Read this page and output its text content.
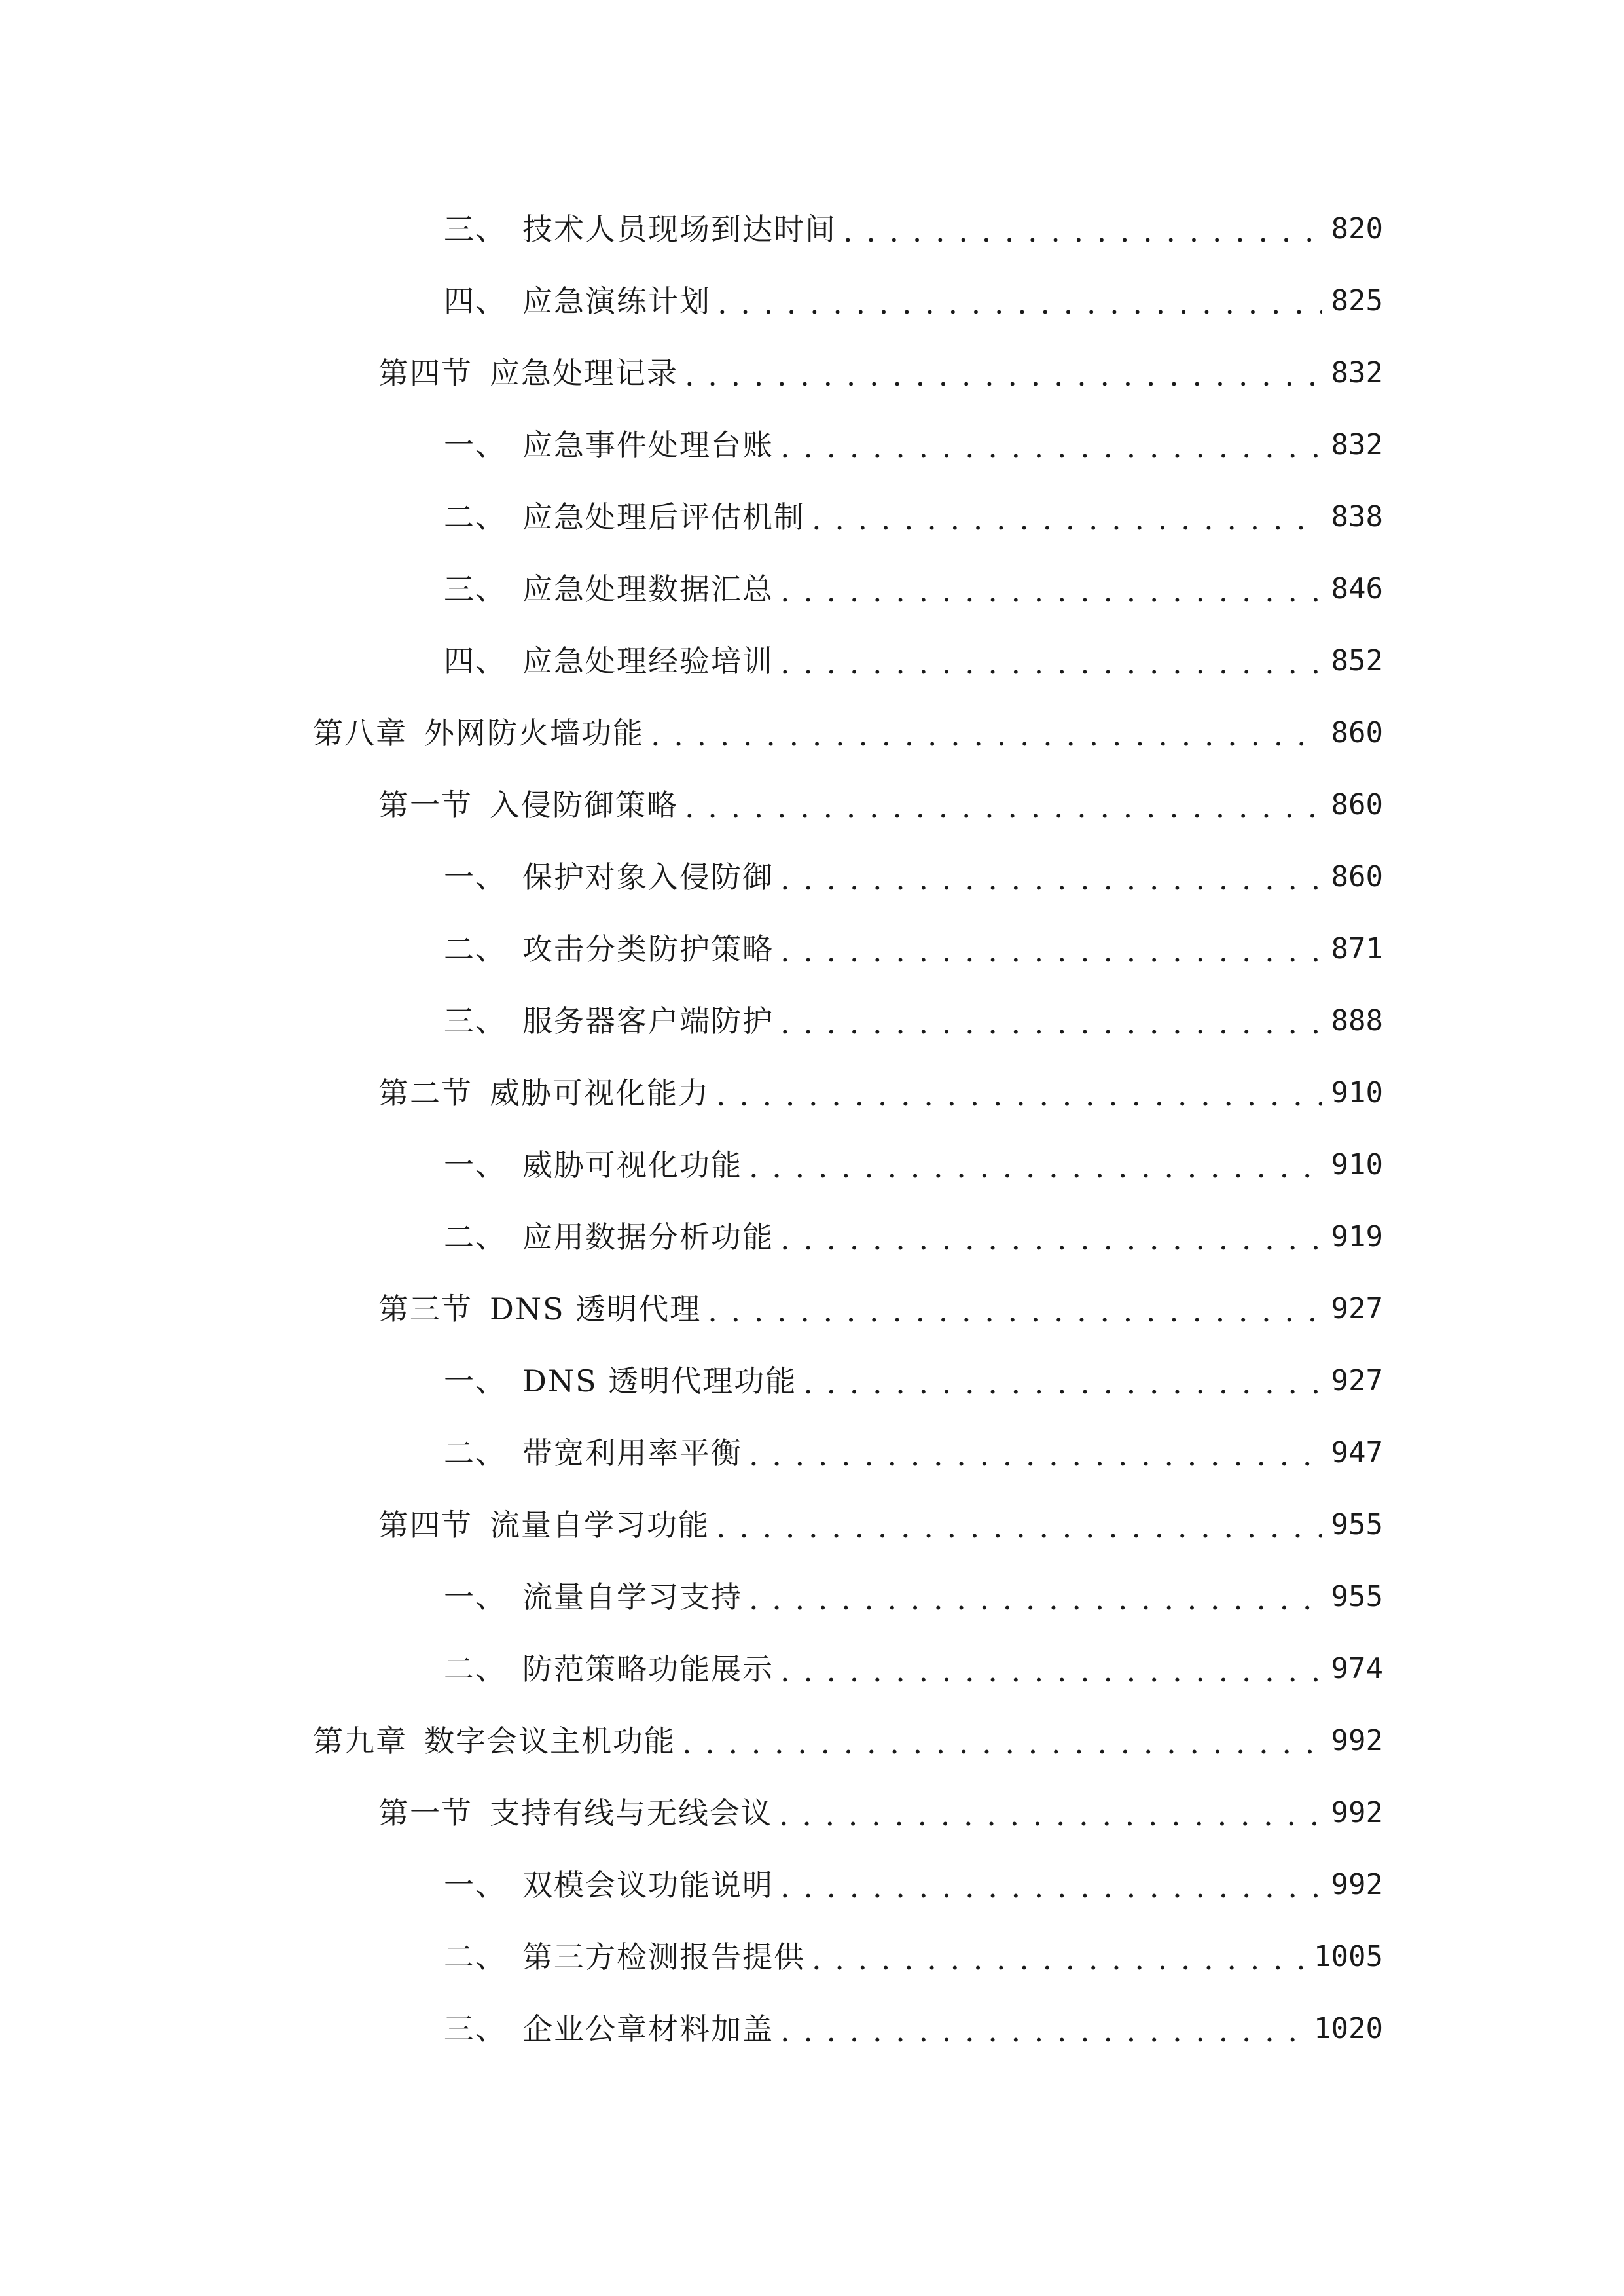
三、 技术人员现场到达时间 . . .	820
四、 应急演练计划 . . .	825
第四节 应急处理记录 . . .	832
一、 应急事件处理台账 . . .	832
二、 应急处理后评估机制 . . .	838
三、 应急处理数据汇总 . . .	846
四、 应急处理经验培训 . . .	852
第八章 外网防火墙功能 . . .	860
第一节 入侵防御策略 . . .	860
一、 保护对象入侵防御 . . .	860
二、 攻击分类防护策略 . . .	871
三、 服务器客户端防护 . . .	888
第二节 威胁可视化能力 . . .	910
一、 威胁可视化功能 . . .	910
二、 应用数据分析功能 . . .	919
第三节 DNS 透明代理 . . .	927
一、 DNS 透明代理功能 . . .	927
二、 带宽利用率平衡 . . .	947
第四节 流量自学习功能 . . .	955
一、 流量自学习支持 . . .	955
二、 防范策略功能展示 . . .	974
第九章 数字会议主机功能 . . .	992
第一节 支持有线与无线会议 . . .	992
一、 双模会议功能说明 . . .	992
二、 第三方检测报告提供 . . .	1005
三、 企业公章材料加盖 . . .	1020
